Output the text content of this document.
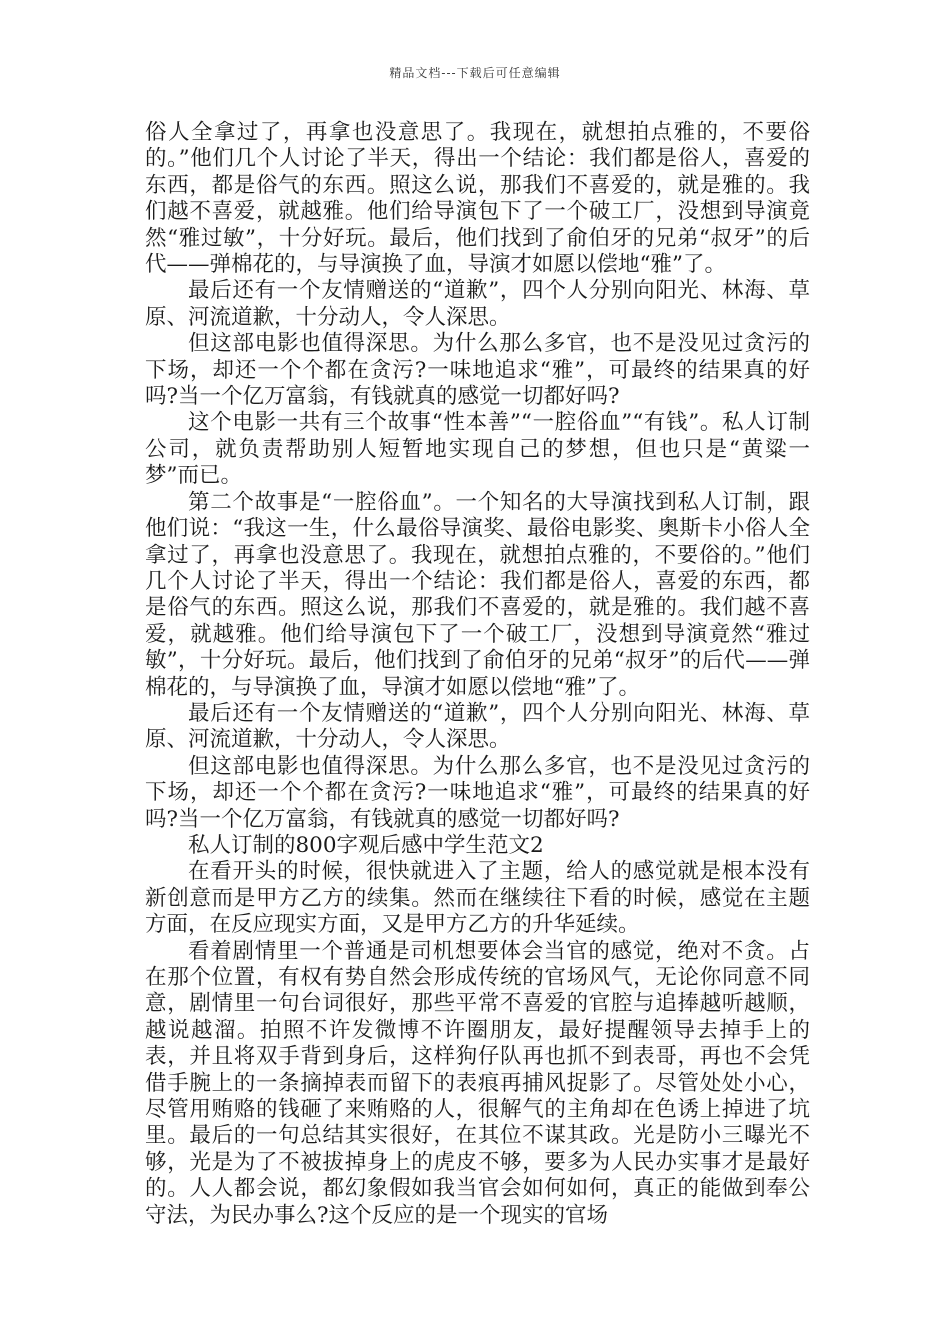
精品文档---下载后可任意编辑

俗人全拿过了，再拿也没意思了。我现在，就想拍点雅的，不要俗的。”他们几个人讨论了半天，得出一个结论：我们都是俗人，喜爱的东西，都是俗气的东西。照这么说，那我们不喜爱的，就是雅的。我们越不喜爱，就越雅。他们给导演包下了一个破工厂，没想到导演竟然“雅过敏”，十分好玩。最后，他们找到了俞伯牙的兄弟“叔牙”的后代——弹棉花的，与导演换了血，导演才如愿以偿地“雅”了。

最后还有一个友情赠送的“道歉”，四个人分别向阳光、林海、草原、河流道歉，十分动人，令人深思。

但这部电影也值得深思。为什么那么多官，也不是没见过贪污的下场，却还一个个都在贪污?一味地追求“雅”，可最终的结果真的好吗?当一个亿万富翁，有钱就真的感觉一切都好吗?

这个电影一共有三个故事“性本善”“一腔俗血”“有钱”。私人订制公司，就负责帮助别人短暂地实现自己的梦想，但也只是“黄粱一梦”而已。

第二个故事是“一腔俗血”。一个知名的大导演找到私人订制，跟他们说：“我这一生，什么最俗导演奖、最俗电影奖、奥斯卡小俗人全拿过了，再拿也没意思了。我现在，就想拍点雅的，不要俗的。”他们几个人讨论了半天，得出一个结论：我们都是俗人，喜爱的东西，都是俗气的东西。照这么说，那我们不喜爱的，就是雅的。我们越不喜爱，就越雅。他们给导演包下了一个破工厂，没想到导演竟然“雅过敏”，十分好玩。最后，他们找到了俞伯牙的兄弟“叔牙”的后代——弹棉花的，与导演换了血，导演才如愿以偿地“雅”了。

最后还有一个友情赠送的“道歉”，四个人分别向阳光、林海、草原、河流道歉，十分动人，令人深思。

但这部电影也值得深思。为什么那么多官，也不是没见过贪污的下场，却还一个个都在贪污?一味地追求“雅”，可最终的结果真的好吗?当一个亿万富翁，有钱就真的感觉一切都好吗?

私人订制的800字观后感中学生范文2

在看开头的时候，很快就进入了主题，给人的感觉就是根本没有新创意而是甲方乙方的续集。然而在继续往下看的时候，感觉在主题方面，在反应现实方面，又是甲方乙方的升华延续。

看着剧情里一个普通是司机想要体会当官的感觉，绝对不贪。占在那个位置，有权有势自然会形成传统的官场风气，无论你同意不同意，剧情里一句台词很好，那些平常不喜爱的官腔与追捧越听越顺，越说越溜。拍照不许发微博不许圈朋友，最好提醒领导去掉手上的表，并且将双手背到身后，这样狗仔队再也抓不到表哥，再也不会凭借手腕上的一条摘掉表而留下的表痕再捕风捉影了。尽管处处小心，尽管用贿赂的钱砸了来贿赂的人，很解气的主角却在色诱上掉进了坑里。最后的一句总结其实很好，在其位不谋其政。光是防小三曝光不够，光是为了不被拔掉身上的虎皮不够，要多为人民办实事才是最好的。人人都会说，都幻象假如我当官会如何如何，真正的能做到奉公守法，为民办事么?这个反应的是一个现实的官场
